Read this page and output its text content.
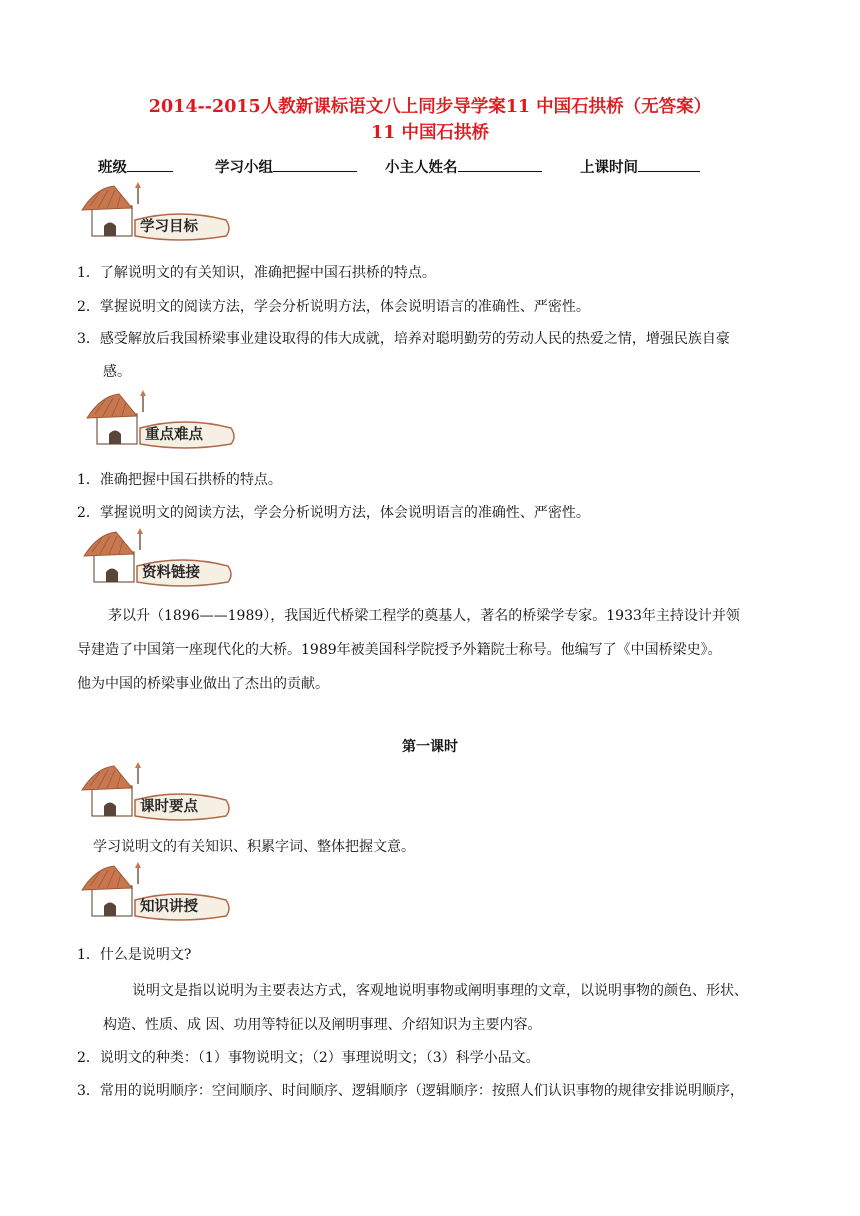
2014--2015人教新课标语文八上同步导学案11 中国石拱桥（无答案）
11 中国石拱桥
班级	学习小组	小主人姓名	上课时间
学习目标
1．了解说明文的有关知识，准确把握中国石拱桥的特点。
2．掌握说明文的阅读方法，学会分析说明方法，体会说明语言的准确性、严密性。
3．感受解放后我国桥梁事业建设取得的伟大成就，培养对聪明勤劳的劳动人民的热爱之情，增强民族自豪
感。
重点难点
1．准确把握中国石拱桥的特点。
2．掌握说明文的阅读方法，学会分析说明方法，体会说明语言的准确性、严密性。
资料链接
茅以升（1896——1989），我国近代桥梁工程学的奠基人，著名的桥梁学专家。1933年主持设计并领
导建造了中国第一座现代化的大桥。1989年被美国科学院授予外籍院士称号。他编写了《中国桥梁史》。
他为中国的桥梁事业做出了杰出的贡献。
第一课时
课时要点
学习说明文的有关知识、积累字词、整体把握文意。
知识讲授
1．什么是说明文?
说明文是指以说明为主要表达方式，客观地说明事物或阐明事理的文章，以说明事物的颜色、形状、
构造、性质、成 因、功用等特征以及阐明事理、介绍知识为主要内容。
2．说明文的种类：（1）事物说明文；（2）事理说明文；（3）科学小品文。
3．常用的说明顺序：空间顺序、时间顺序、逻辑顺序（逻辑顺序：按照人们认识事物的规律安排说明顺序，
